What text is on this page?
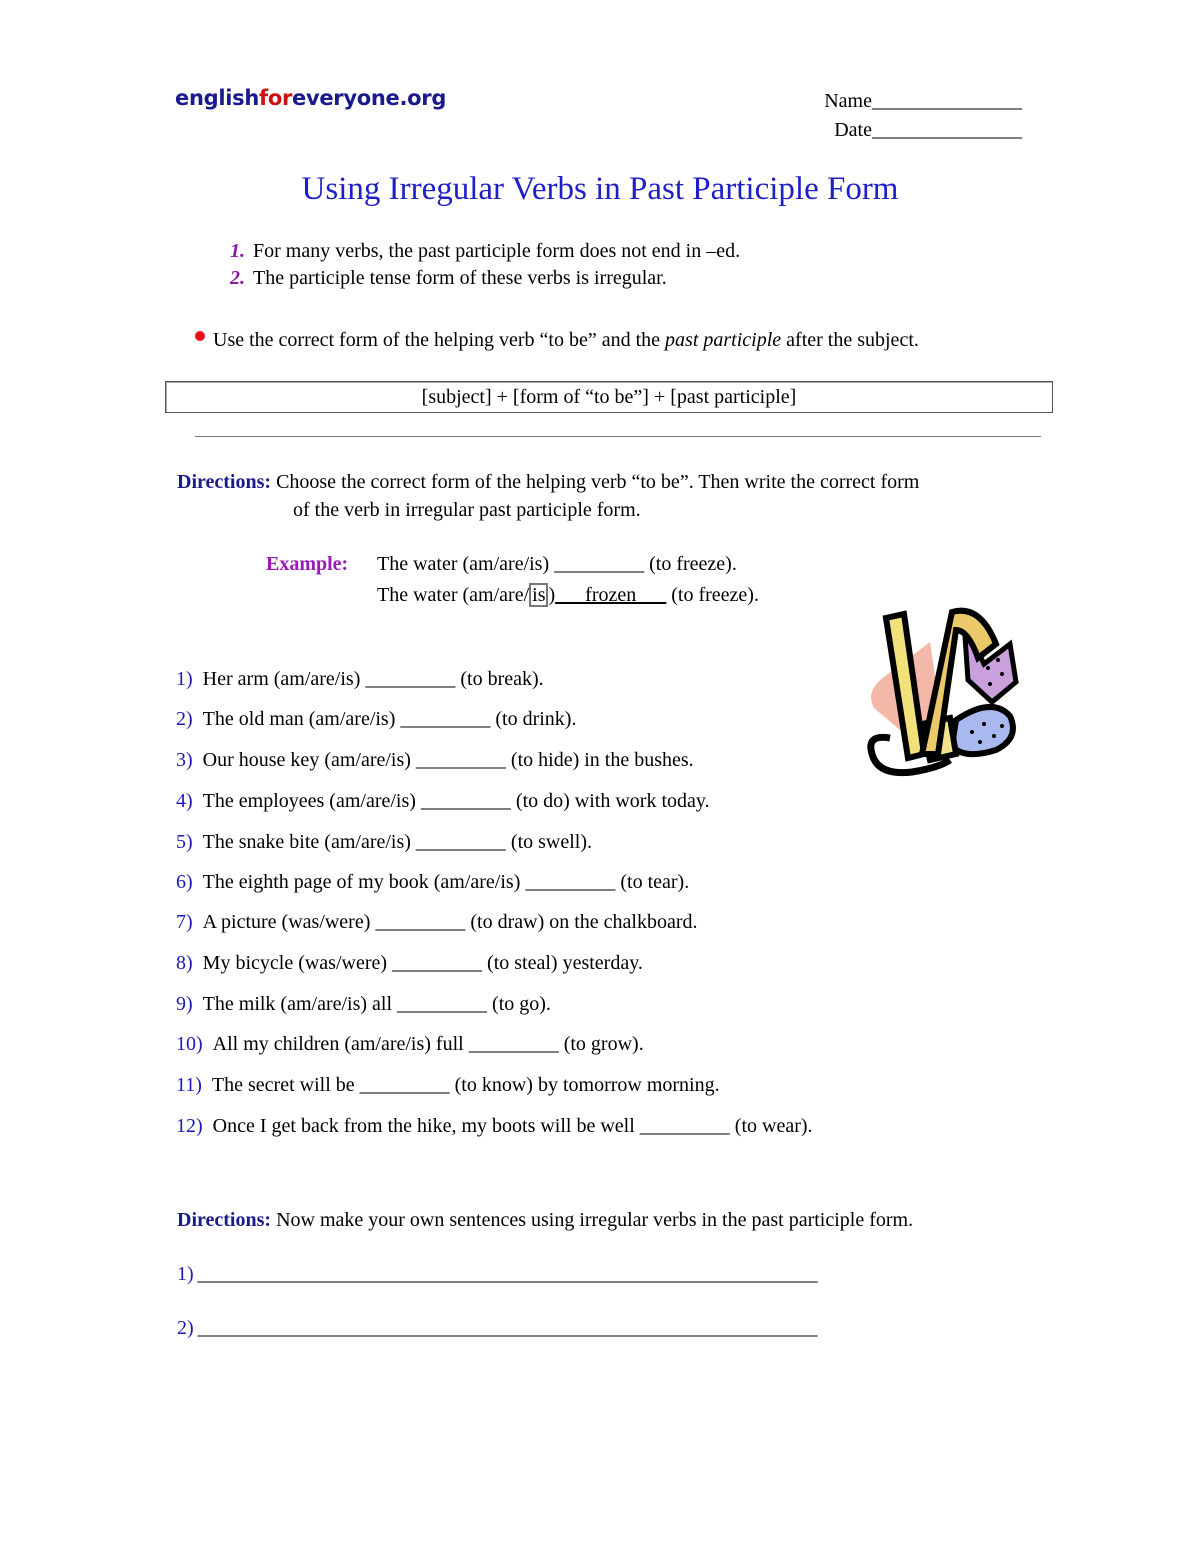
englishforeveryone.org	Name_______________
Date_______________
Using Irregular Verbs in Past Participle Form
1. For many verbs, the past participle form does not end in –ed.
2. The participle tense form of these verbs is irregular.
Use the correct form of the helping verb “to be” and the past participle after the subject.
[subject] + [form of “to be”] + [past participle]
Directions: Choose the correct form of the helping verb “to be”. Then write the correct form
of the verb in irregular past participle form.
Example: The water (am/are/is) _________ (to freeze).
The water (am/are/ is )___frozen___ (to freeze).
1) Her arm (am/are/is) _________ (to break).
2) The old man (am/are/is) _________ (to drink).
3) Our house key (am/are/is) _________ (to hide) in the bushes.
4) The employees (am/are/is) _________ (to do) with work today.
5) The snake bite (am/are/is) _________ (to swell).
6) The eighth page of my book (am/are/is) _________ (to tear).
7) A picture (was/were) _________ (to draw) on the chalkboard.
8) My bicycle (was/were) _________ (to steal) yesterday.
9) The milk (am/are/is) all _________ (to go).
10) All my children (am/are/is) full _________ (to grow).
11) The secret will be _________ (to know) by tomorrow morning.
12) Once I get back from the hike, my boots will be well _________ (to wear).
Directions: Now make your own sentences using irregular verbs in the past participle form.
1) ______________________________________________________________
2) ______________________________________________________________
